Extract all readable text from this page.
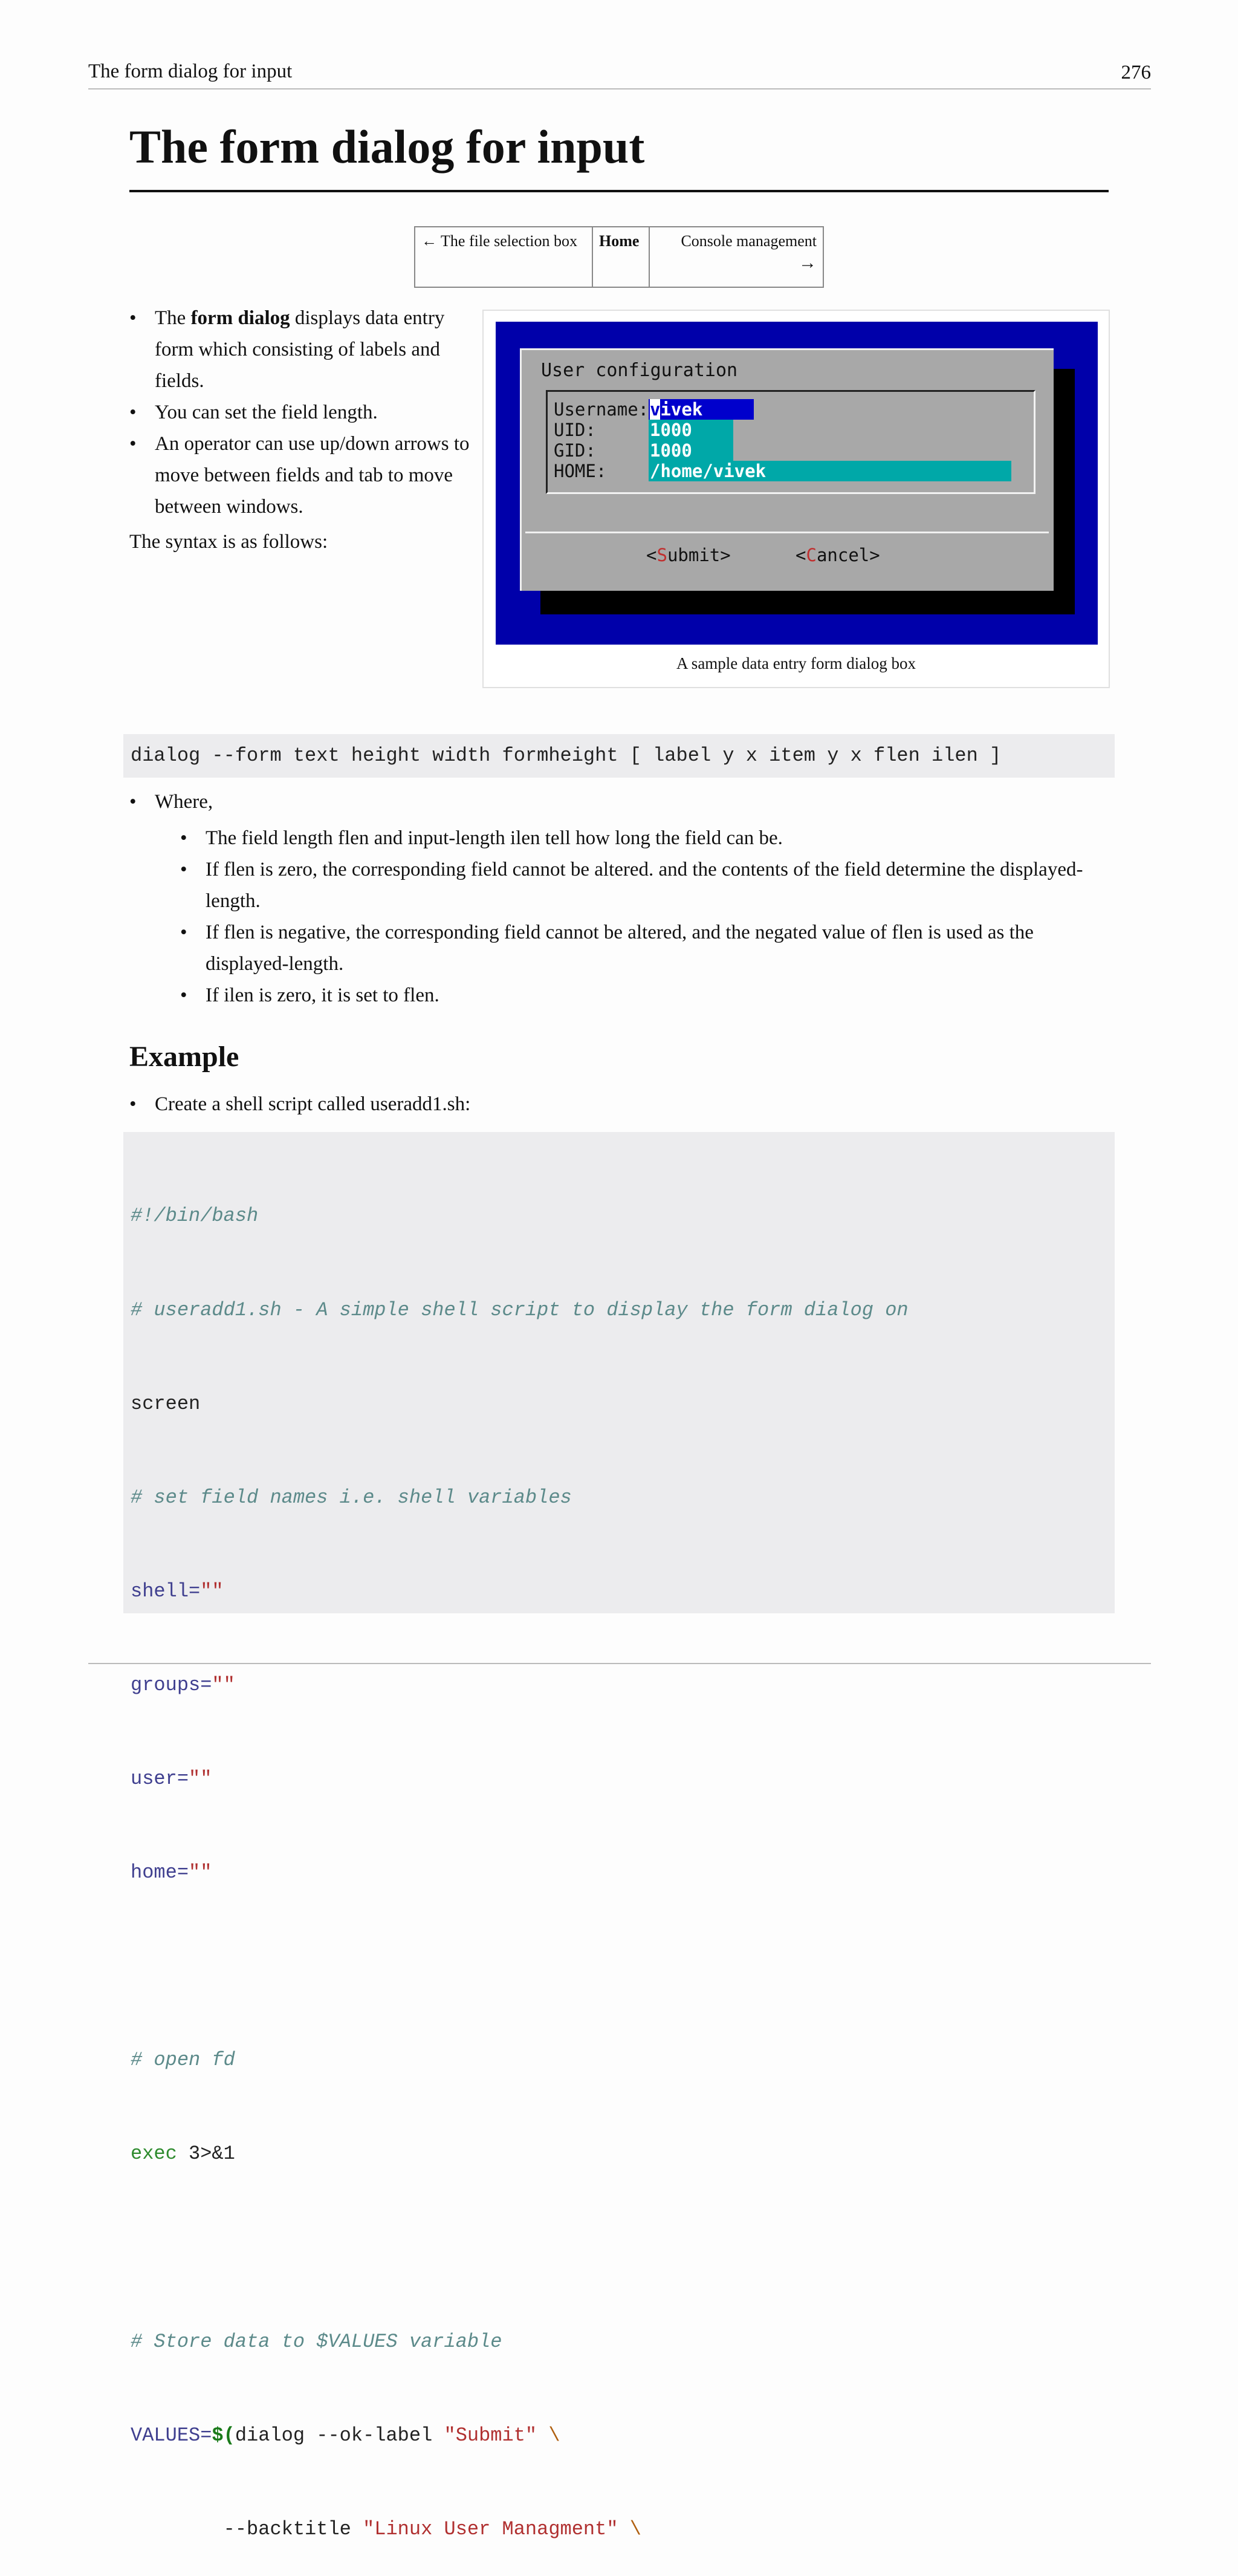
The form dialog for input	276
The form dialog for input
← The file selection box	Home	Console management
→
• The form dialog displays data entry form which consisting of labels and fields.
• You can set the field length.
• An operator can use up/down arrows to move between fields and tab to move between windows.

The syntax is as follows:

User configuration
Username: vivek
UID:	1000
GID:	1000
HOME: /home/vivek
<Submit>	<Cancel>
A sample data entry form dialog box
dialog --form text height width formheight [ label y x item y x flen ilen ]
• Where,
• The field length flen and input-length ilen tell how long the field can be.
• If flen is zero, the corresponding field cannot be altered. and the contents of the field determine the displayed-length.
• If flen is negative, the corresponding field cannot be altered, and the negated value of flen is used as the displayed-length.
• If ilen is zero, it is set to flen.
Example
• Create a shell script called useradd1.sh:

#!/bin/bash

# useradd1.sh - A simple shell script to display the form dialog on

screen

# set field names i.e. shell variables

shell=""

groups=""

user=""

home=""

# open fd

exec 3>&1

# Store data to $VALUES variable

VALUES=$(dialog --ok-label "Submit" \

--backtitle "Linux User Managment" \
